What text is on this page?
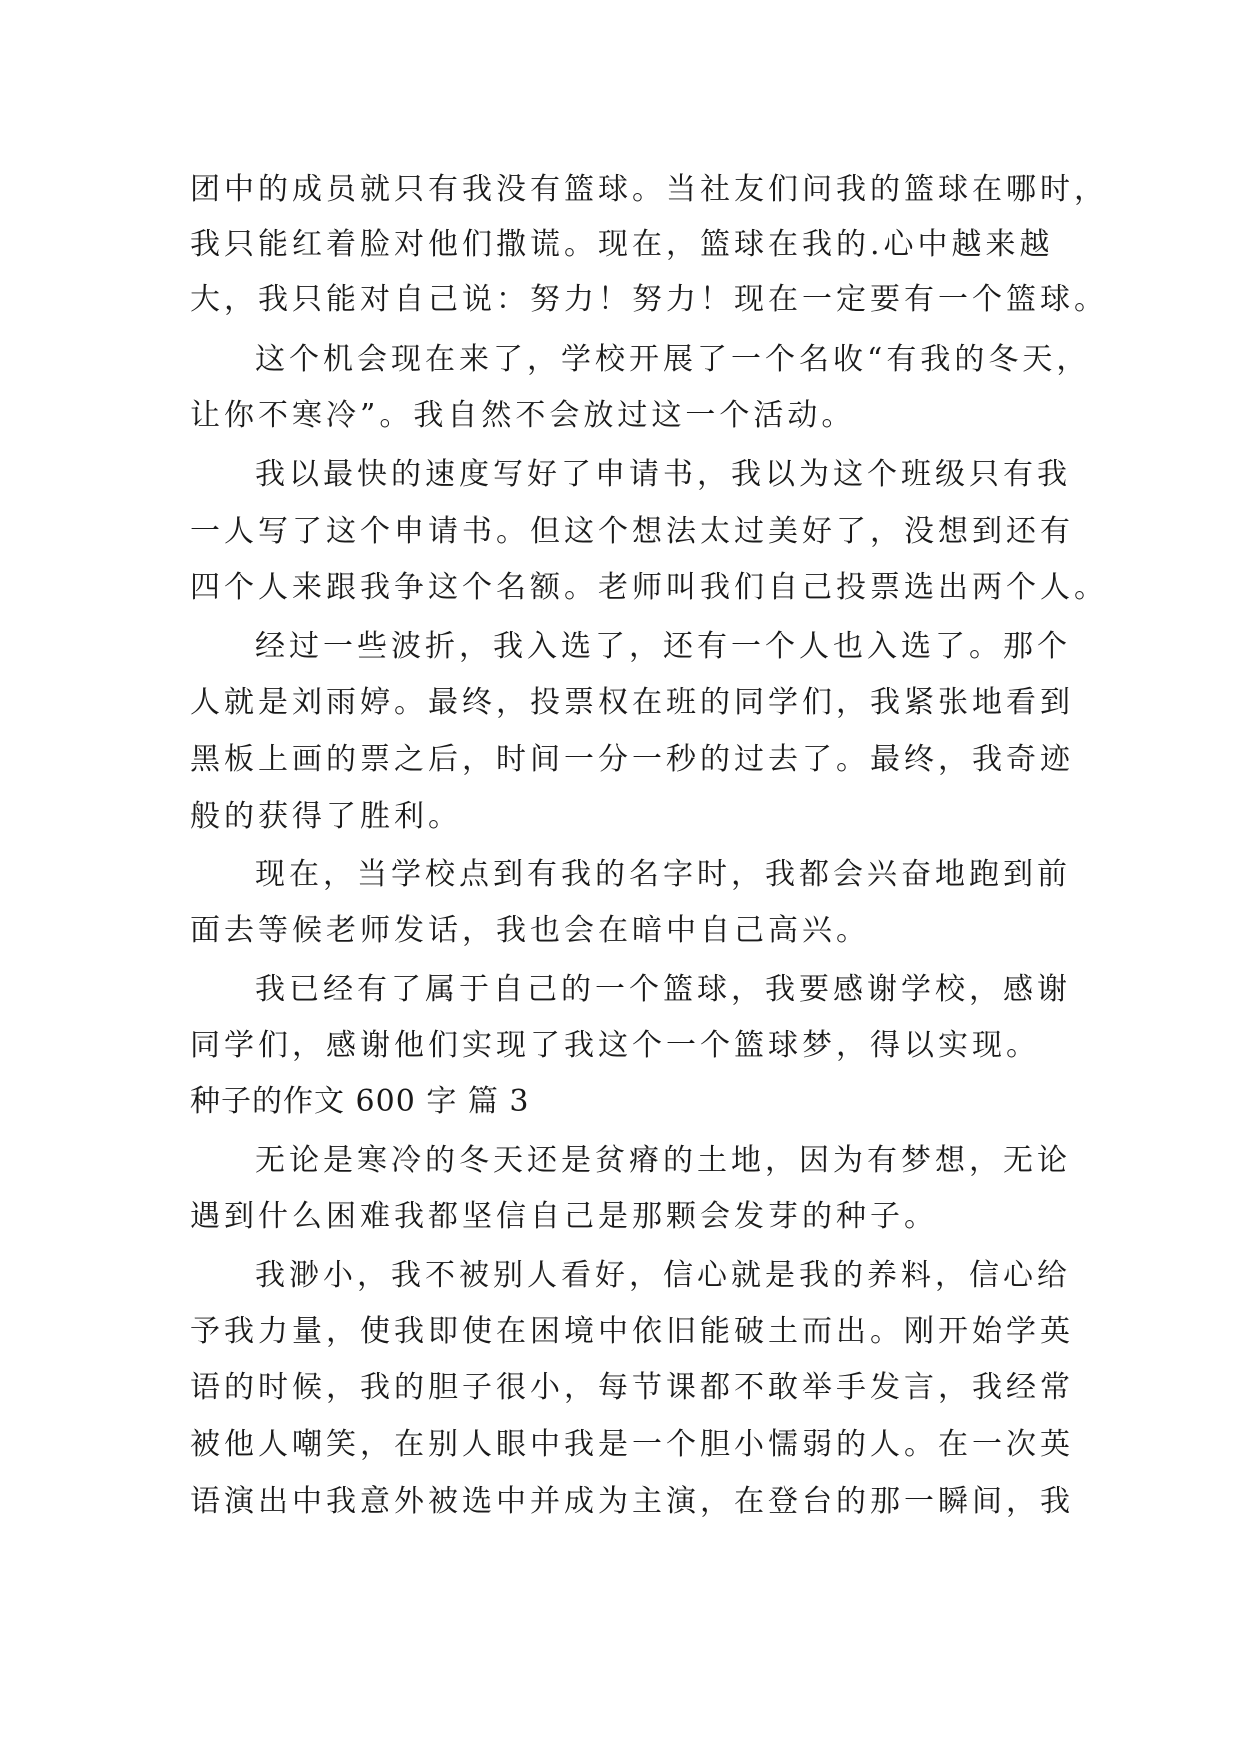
团中的成员就只有我没有篮球。当社友们问我的篮球在哪时，
我只能红着脸对他们撒谎。现在，篮球在我的.心中越来越
大，我只能对自己说：努力！努力！现在一定要有一个篮球。
这个机会现在来了，学校开展了一个名收“有我的冬天，
让你不寒冷”。我自然不会放过这一个活动。
我以最快的速度写好了申请书，我以为这个班级只有我
一人写了这个申请书。但这个想法太过美好了，没想到还有
四个人来跟我争这个名额。老师叫我们自己投票选出两个人。
经过一些波折，我入选了，还有一个人也入选了。那个
人就是刘雨婷。最终，投票权在班的同学们，我紧张地看到
黑板上画的票之后，时间一分一秒的过去了。最终，我奇迹
般的获得了胜利。
现在，当学校点到有我的名字时，我都会兴奋地跑到前
面去等候老师发话，我也会在暗中自己高兴。
我已经有了属于自己的一个篮球，我要感谢学校，感谢
同学们，感谢他们实现了我这个一个篮球梦，得以实现。
种子的作文 600 字 篇 3
无论是寒冷的冬天还是贫瘠的土地，因为有梦想，无论
遇到什么困难我都坚信自己是那颗会发芽的种子。
我渺小，我不被别人看好，信心就是我的养料，信心给
予我力量，使我即使在困境中依旧能破土而出。刚开始学英
语的时候，我的胆子很小，每节课都不敢举手发言，我经常
被他人嘲笑，在别人眼中我是一个胆小懦弱的人。在一次英
语演出中我意外被选中并成为主演，在登台的那一瞬间，我
